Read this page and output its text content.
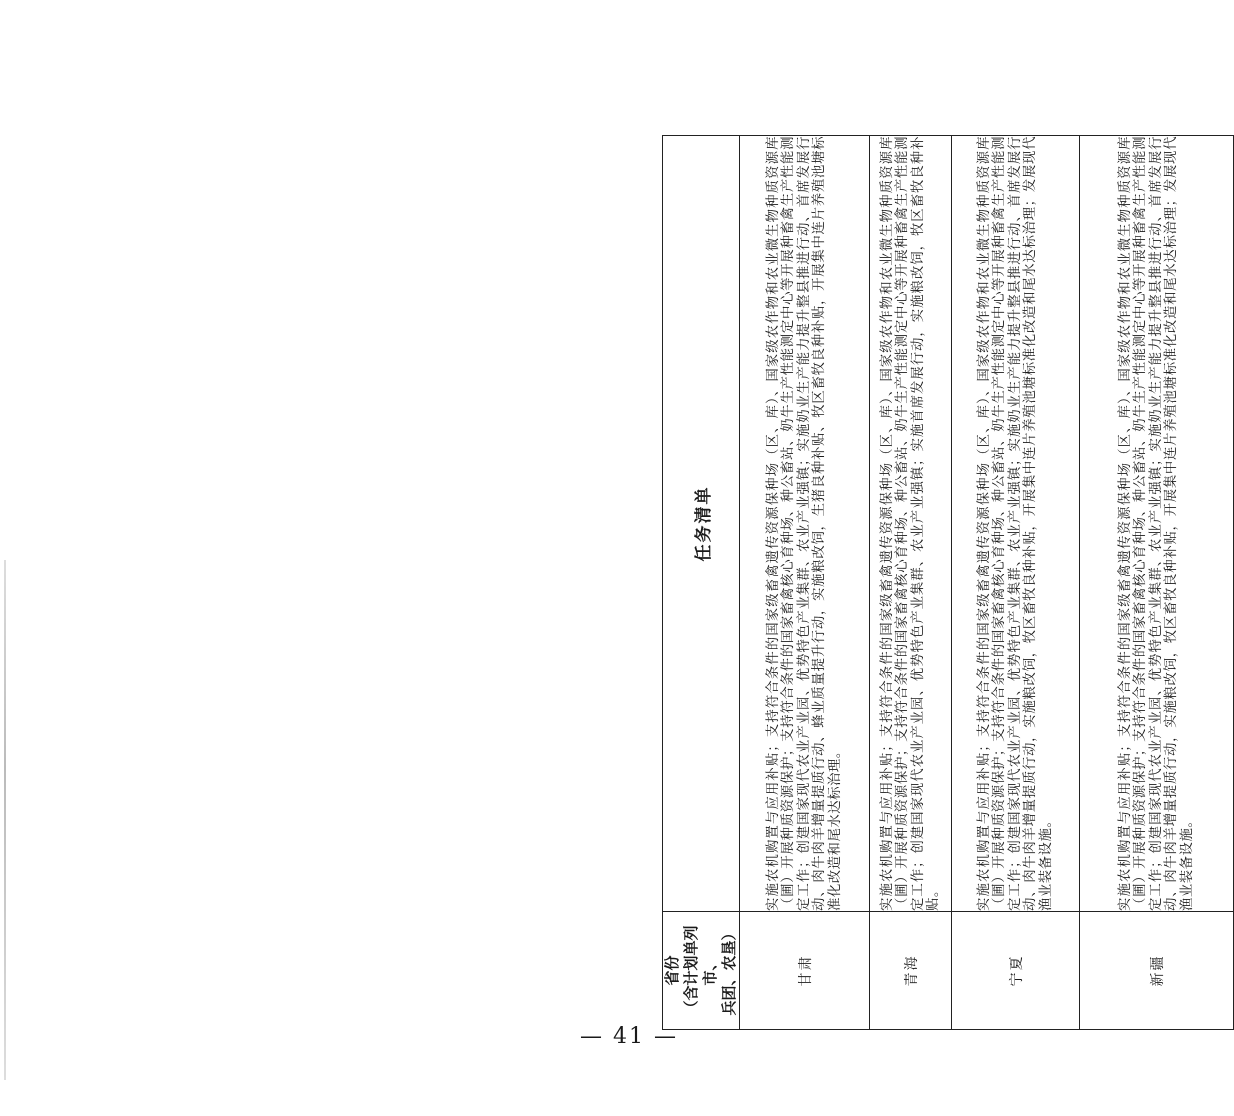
省份 （含计划单列市、 兵团、农垦）	任务清单
甘肃	实施农机购置与应用补贴；支持符合条件的国家级畜禽遗传资源保种场（区、库）、国家级农作物和农业微生物种质资源库（圃）开展种质资源保护；支持符合条件的国家畜禽核心育种场、种公畜站、奶牛生产性能测定中心等开展种畜禽生产性能测定工作；创建国家现代农业产业园、优势特色产业集群、农业产业强镇；实施奶业生产能力提升整县推进行动、首席发展行动、肉牛肉羊增量提质行动、蜂业质量提升行动，实施粮改饲，生猪良种补贴、牧区畜牧良种补贴，开展集中连片养殖池塘标准化改造和尾水达标治理。
青海	实施农机购置与应用补贴；支持符合条件的国家级畜禽遗传资源保种场（区、库）、国家级农作物和农业微生物种质资源库（圃）开展种质资源保护；支持符合条件的国家畜禽核心育种场、种公畜站、奶牛生产性能测定中心等开展种畜禽生产性能测定工作；创建国家现代农业产业园、优势特色产业集群、农业产业强镇；实施首席发展行动，实施粮改饲，牧区畜牧良种补贴。
宁夏	实施农机购置与应用补贴；支持符合条件的国家级畜禽遗传资源保种场（区、库）、国家级农作物和农业微生物种质资源库（圃）开展种质资源保护；支持符合条件的国家畜禽核心育种场、种公畜站、奶牛生产性能测定中心等开展种畜禽生产性能测定工作；创建国家现代农业产业园、优势特色产业集群、农业产业强镇；实施奶业生产能力提升整县推进行动、首席发展行动、肉牛肉羊增量提质行动，实施粮改饲，牧区畜牧良种补贴，开展集中连片养殖池塘标准化改造和尾水达标治理；发展现代渔业装备设施。
新疆	实施农机购置与应用补贴；支持符合条件的国家级畜禽遗传资源保种场（区、库）、国家级农作物和农业微生物种质资源库（圃）开展种质资源保护；支持符合条件的国家畜禽核心育种场、种公畜站、奶牛生产性能测定中心等开展种畜禽生产性能测定工作；创建国家现代农业产业园、优势特色产业集群、农业产业强镇；实施奶业生产能力提升整县推进行动、首席发展行动、肉牛肉羊增量提质行动，实施粮改饲，牧区畜牧良种补贴，开展集中连片养殖池塘标准化改造和尾水达标治理；发展现代渔业装备设施。
— 41 —
